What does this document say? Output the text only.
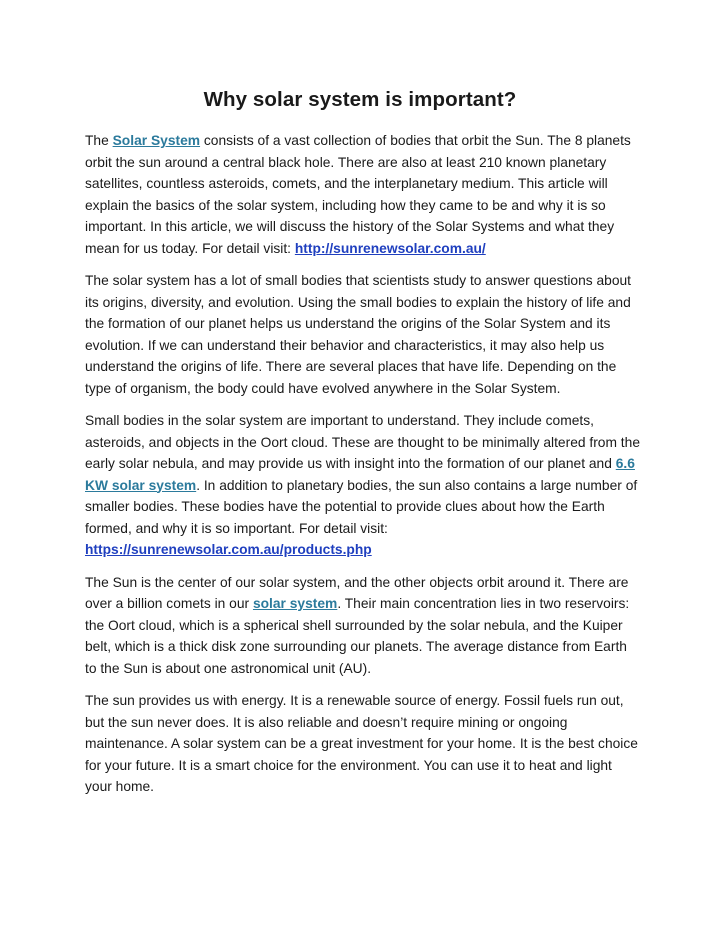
Why solar system is important?

The Solar System consists of a vast collection of bodies that orbit the Sun. The 8 planets orbit the sun around a central black hole. There are also at least 210 known planetary satellites, countless asteroids, comets, and the interplanetary medium. This article will explain the basics of the solar system, including how they came to be and why it is so important. In this article, we will discuss the history of the Solar Systems and what they mean for us today. For detail visit: http://sunrenewsolar.com.au/

The solar system has a lot of small bodies that scientists study to answer questions about its origins, diversity, and evolution. Using the small bodies to explain the history of life and the formation of our planet helps us understand the origins of the Solar System and its evolution. If we can understand their behavior and characteristics, it may also help us understand the origins of life. There are several places that have life. Depending on the type of organism, the body could have evolved anywhere in the Solar System.

Small bodies in the solar system are important to understand. They include comets, asteroids, and objects in the Oort cloud. These are thought to be minimally altered from the early solar nebula, and may provide us with insight into the formation of our planet and 6.6 KW solar system. In addition to planetary bodies, the sun also contains a large number of smaller bodies. These bodies have the potential to provide clues about how the Earth formed, and why it is so important. For detail visit: https://sunrenewsolar.com.au/products.php

The Sun is the center of our solar system, and the other objects orbit around it. There are over a billion comets in our solar system. Their main concentration lies in two reservoirs: the Oort cloud, which is a spherical shell surrounded by the solar nebula, and the Kuiper belt, which is a thick disk zone surrounding our planets. The average distance from Earth to the Sun is about one astronomical unit (AU).

The sun provides us with energy. It is a renewable source of energy. Fossil fuels run out, but the sun never does. It is also reliable and doesn’t require mining or ongoing maintenance. A solar system can be a great investment for your home. It is the best choice for your future. It is a smart choice for the environment. You can use it to heat and light your home.
